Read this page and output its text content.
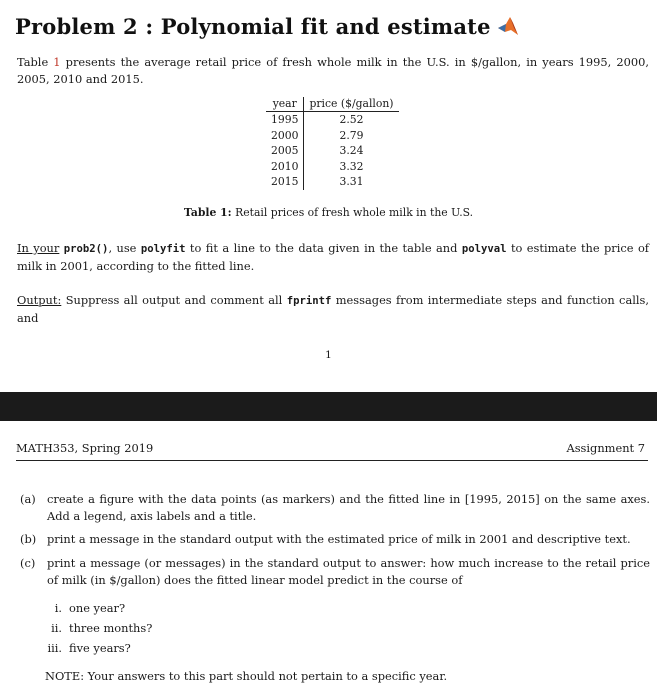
Problem 2 : Polynomial fit and estimate

Table 1 presents the average retail price of fresh whole milk in the U.S. in $/gallon, in years 1995, 2000, 2005, 2010 and 2015.

year	price ($/gallon)
1995	2.52
2000	2.79
2005	3.24
2010	3.32
2015	3.31

Table 1: Retail prices of fresh whole milk in the U.S.

In your prob2(), use polyfit to fit a line to the data given in the table and polyval to estimate the price of milk in 2001, according to the fitted line.

Output: Suppress all output and comment all fprintf messages from intermediate steps and function calls, and

1
MATH353, Spring 2019	Assignment 7
(a) create a figure with the data points (as markers) and the fitted line in [1995, 2015] on the same axes. Add a legend, axis labels and a title.
(b) print a message in the standard output with the estimated price of milk in 2001 and descriptive text.
(c) print a message (or messages) in the standard output to answer: how much increase to the retail price of milk (in $/gallon) does the fitted linear model predict in the course of
i. one year?
ii. three months?
iii. five years?
NOTE: Your answers to this part should not pertain to a specific year.
